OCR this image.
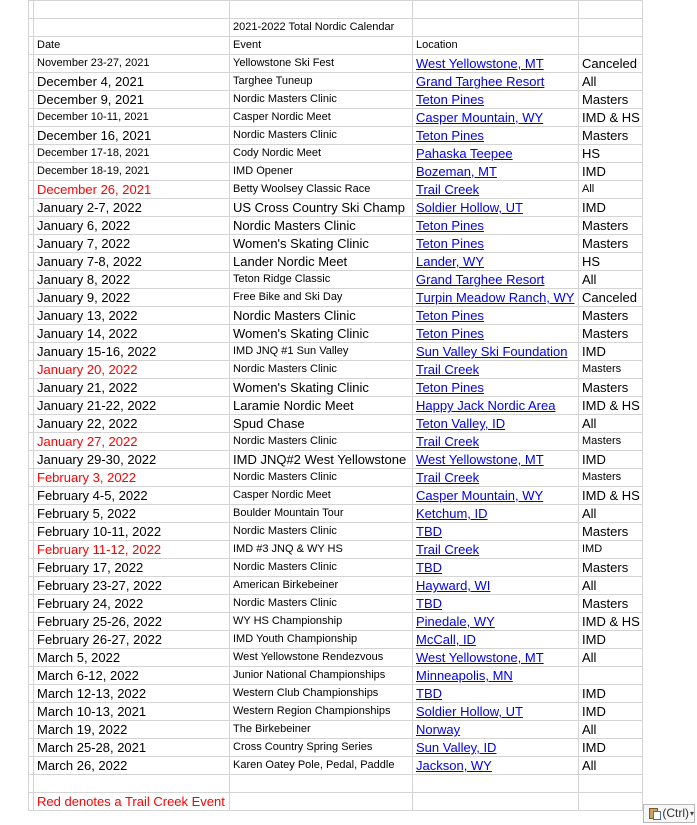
		2021-2022 Total Nordic Calendar		
	Date	Event	Location	
	November 23-27, 2021	Yellowstone Ski Fest	West Yellowstone, MT	Canceled
	December 4, 2021	Targhee Tuneup	Grand Targhee Resort	All
	December 9, 2021	Nordic Masters Clinic	Teton Pines	Masters
	December 10-11, 2021	Casper Nordic Meet	Casper Mountain, WY	IMD & HS
	December 16, 2021	Nordic Masters Clinic	Teton Pines	Masters
	December 17-18, 2021	Cody Nordic Meet	Pahaska Teepee	HS
	December 18-19, 2021	IMD Opener	Bozeman, MT	IMD
	December 26, 2021	Betty Woolsey Classic Race	Trail Creek	All
	January 2-7, 2022	US Cross Country Ski Champ	Soldier Hollow, UT	IMD
	January 6, 2022	Nordic Masters Clinic	Teton Pines	Masters
	January 7, 2022	Women's Skating Clinic	Teton Pines	Masters
	January 7-8, 2022	Lander Nordic Meet	Lander, WY	HS
	January 8, 2022	Teton Ridge Classic	Grand Targhee Resort	All
	January 9, 2022	Free Bike and Ski Day	Turpin Meadow Ranch, WY	Canceled
	January 13, 2022	Nordic Masters Clinic	Teton Pines	Masters
	January 14, 2022	Women's Skating Clinic	Teton Pines	Masters
	January 15-16, 2022	IMD JNQ #1 Sun Valley	Sun Valley Ski Foundation	IMD
	January 20, 2022	Nordic Masters Clinic	Trail Creek	Masters
	January 21, 2022	Women's Skating Clinic	Teton Pines	Masters
	January 21-22, 2022	Laramie Nordic Meet	Happy Jack Nordic Area	IMD & HS
	January 22, 2022	Spud Chase	Teton Valley, ID	All
	January 27, 2022	Nordic Masters Clinic	Trail Creek	Masters
	January 29-30, 2022	IMD JNQ#2 West Yellowstone	West Yellowstone, MT	IMD
	February 3, 2022	Nordic Masters Clinic	Trail Creek	Masters
	February 4-5, 2022	Casper Nordic Meet	Casper Mountain, WY	IMD & HS
	February 5, 2022	Boulder Mountain Tour	Ketchum, ID	All
	February 10-11, 2022	Nordic Masters Clinic	TBD	Masters
	February 11-12, 2022	IMD #3 JNQ & WY HS	Trail Creek	IMD
	February 17, 2022	Nordic Masters Clinic	TBD	Masters
	February 23-27, 2022	American Birkebeiner	Hayward, WI	All
	February 24, 2022	Nordic Masters Clinic	TBD	Masters
	February 25-26, 2022	WY HS Championship	Pinedale, WY	IMD & HS
	February 26-27, 2022	IMD Youth Championship	McCall, ID	IMD
	March 5, 2022	West Yellowstone Rendezvous	West Yellowstone, MT	All
	March 6-12, 2022	Junior National Championships	Minneapolis, MN	
	March 12-13, 2022	Western Club Championships	TBD	IMD
	March 10-13, 2021	Western Region Championships	Soldier Hollow, UT	IMD
	March 19, 2022	The Birkebeiner	Norway	All
	March 25-28, 2021	Cross Country Spring Series	Sun Valley, ID	IMD
	March 26, 2022	Karen Oatey Pole, Pedal, Paddle	Jackson, WY	All

	Red denotes a Trail Creek Event			
(Ctrl) ▾
